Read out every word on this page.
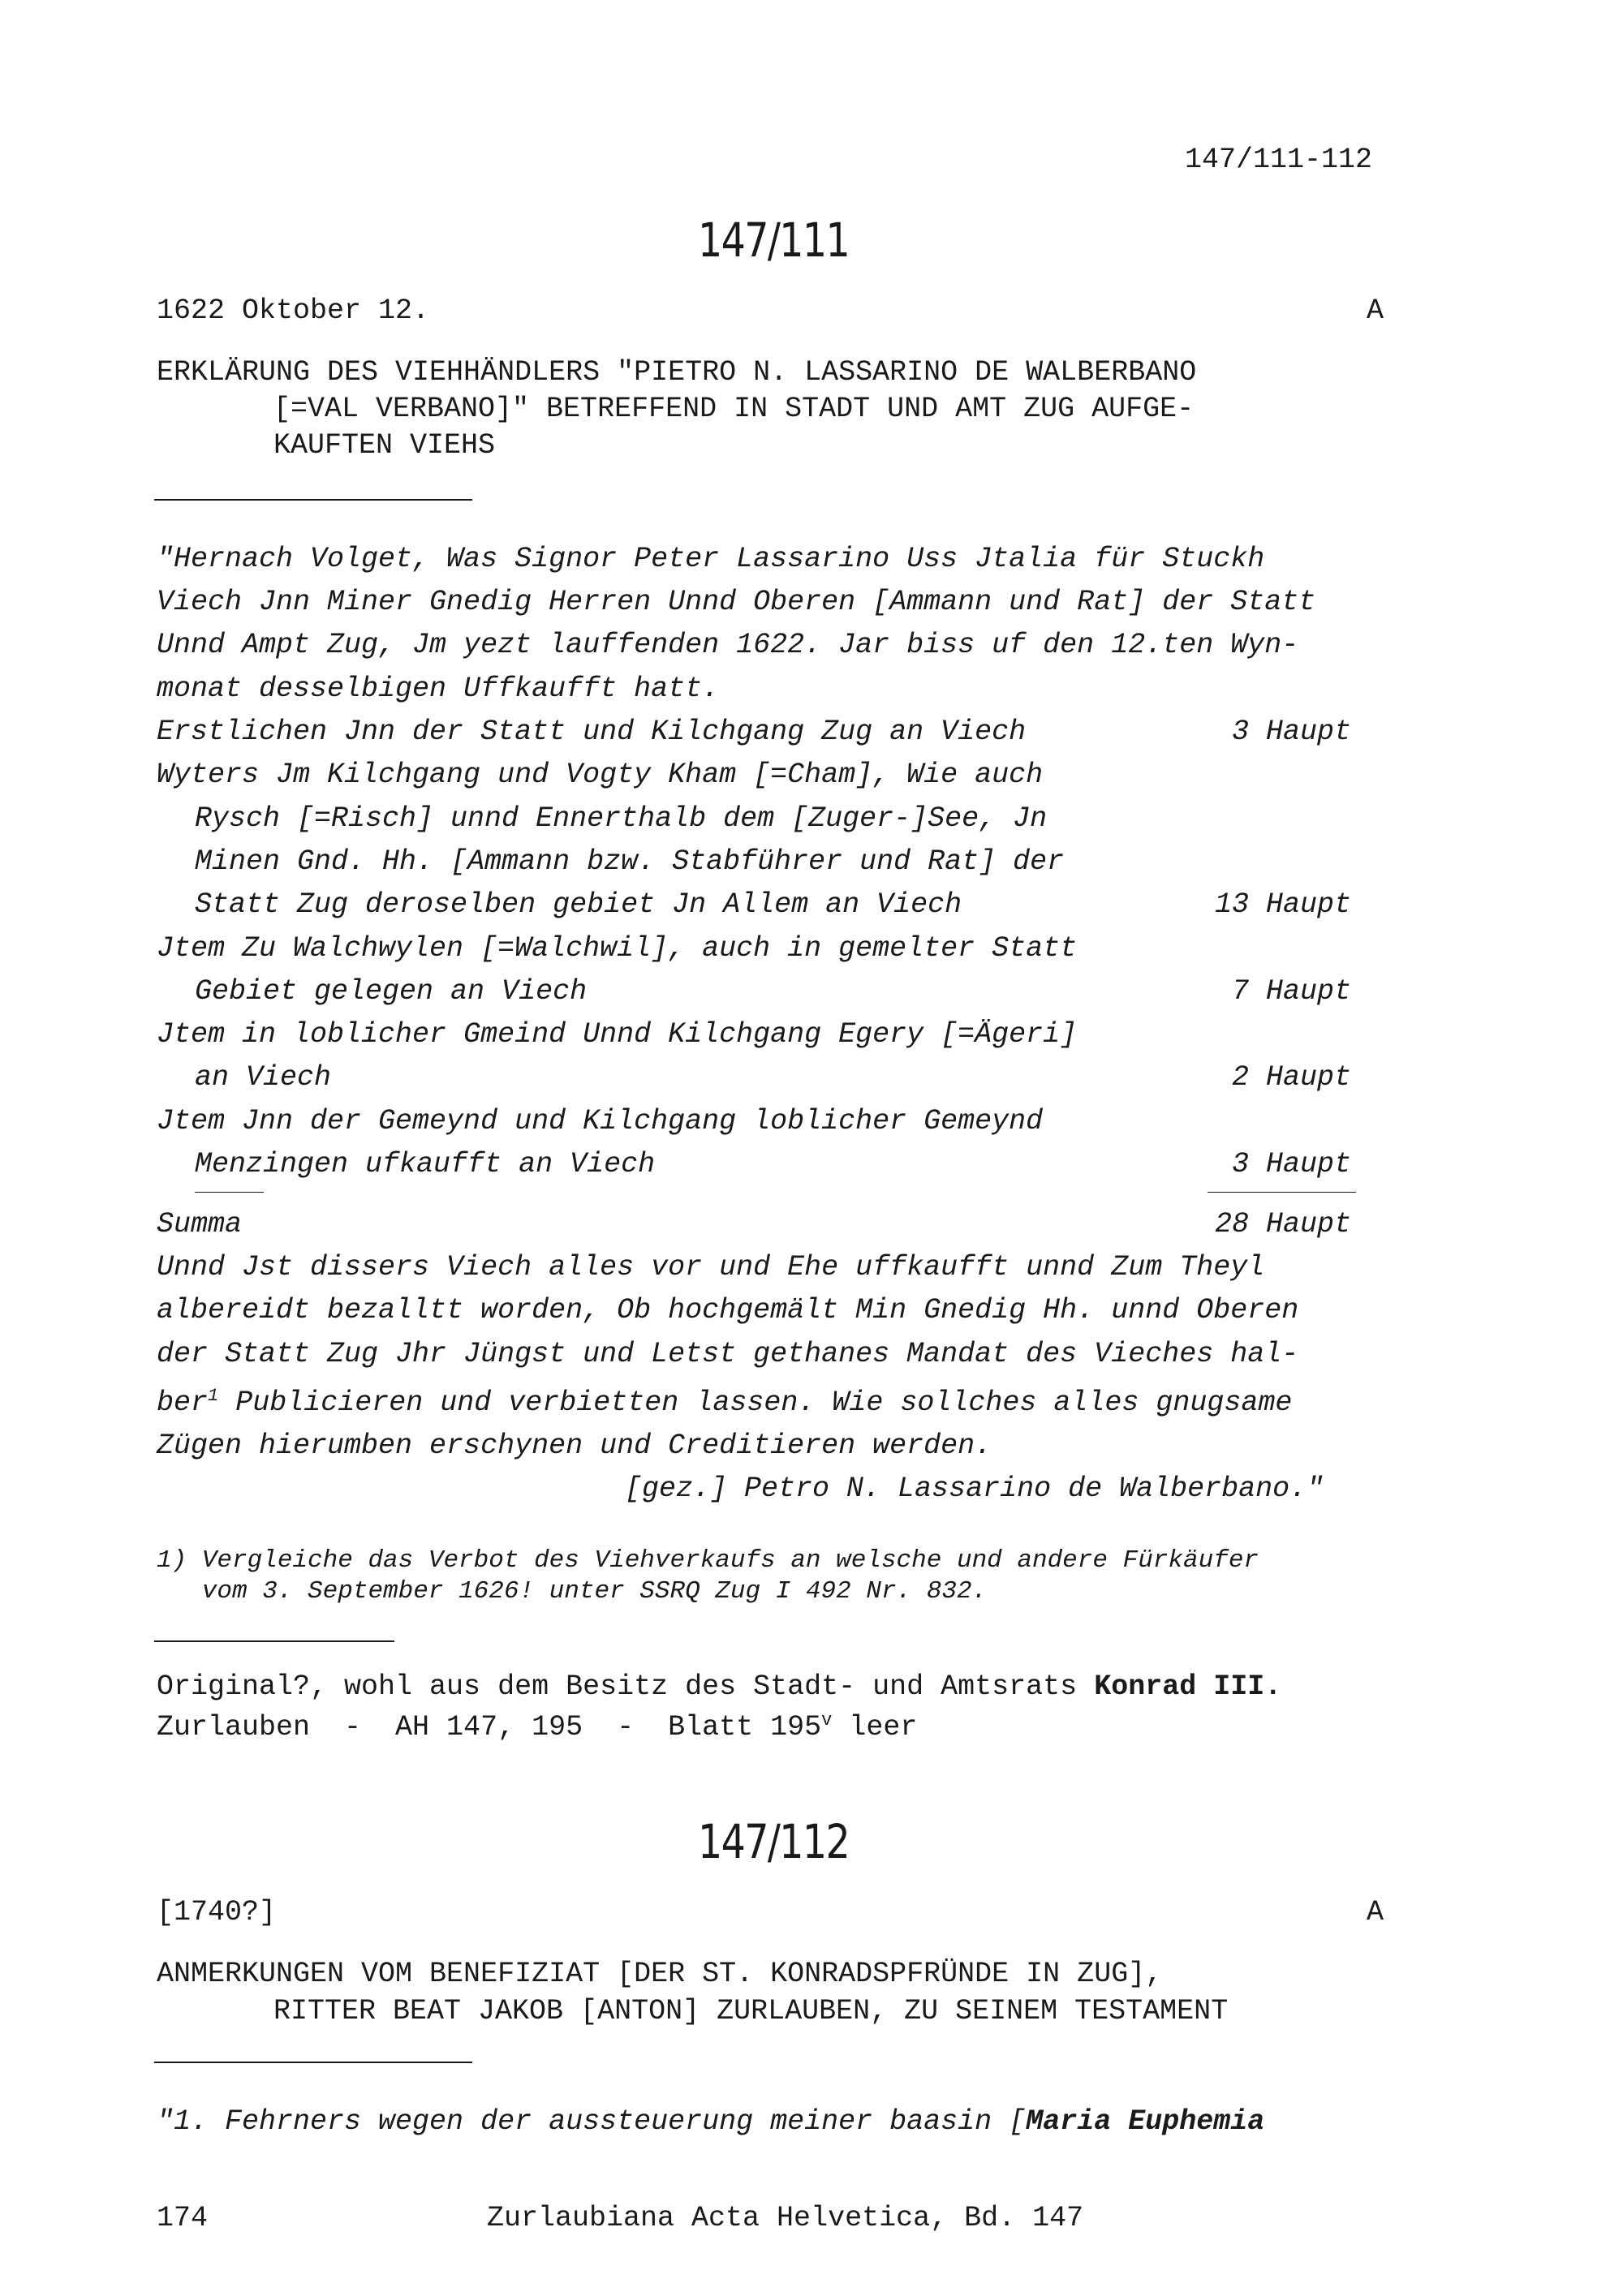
147/111-112
147/111
1622 Oktober 12.	A
ERKLÄRUNG DES VIEHHÄNDLERS "PIETRO N. LASSARINO DE WALBERBANO
[=VAL VERBANO]" BETREFFEND IN STADT UND AMT ZUG AUFGE-
KAUFTEN VIEHS
"Hernach Volget, Was Signor Peter Lassarino Uss Jtalia für Stuckh
Viech Jnn Miner Gnedig Herren Unnd Oberen [Ammann und Rat] der Statt
Unnd Ampt Zug, Jm yezt lauffenden 1622. Jar biss uf den 12.ten Wyn-
monat desselbigen Uffkaufft hatt.
Erstlichen Jnn der Statt und Kilchgang Zug an Viech	3 Haupt
Wyters Jm Kilchgang und Vogty Kham [=Cham], Wie auch
Rysch [=Risch] unnd Ennerthalb dem [Zuger-]See, Jn
Minen Gnd. Hh. [Ammann bzw. Stabführer und Rat] der
Statt Zug deroselben gebiet Jn Allem an Viech	13 Haupt
Jtem Zu Walchwylen [=Walchwil], auch in gemelter Statt
Gebiet gelegen an Viech	7 Haupt
Jtem in loblicher Gmeind Unnd Kilchgang Egery [=Ägeri]
an Viech	2 Haupt
Jtem Jnn der Gemeynd und Kilchgang loblicher Gemeynd
Menzingen ufkaufft an Viech	3 Haupt
Summa	28 Haupt
Unnd Jst dissers Viech alles vor und Ehe uffkaufft unnd Zum Theyl
albereidt bezalltt worden, Ob hochgemält Min Gnedig Hh. unnd Oberen
der Statt Zug Jhr Jüngst und Letst gethanes Mandat des Vieches hal-
ber$^1$ Publicieren und verbietten lassen. Wie sollches alles gnugsame
Zügen hierumben erschynen und Creditieren werden.
[gez.] Petro N. Lassarino de Walberbano."
1) Vergleiche das Verbot des Viehverkaufs an welsche und andere Fürkäufer
vom 3. September 1626! unter SSRQ Zug I 492 Nr. 832.
Original?, wohl aus dem Besitz des Stadt- und Amtsrats Konrad III.
Zurlauben  -  AH 147, 195  -  Blatt 195$^v$ leer
147/112
[1740?]	A
ANMERKUNGEN VOM BENEFIZIAT [DER ST. KONRADSPFRÜNDE IN ZUG],
RITTER BEAT JAKOB [ANTON] ZURLAUBEN, ZU SEINEM TESTAMENT
"1. Fehrners wegen der aussteuerung meiner baasin [Maria Euphemia
174	Zurlaubiana Acta Helvetica, Bd. 147
